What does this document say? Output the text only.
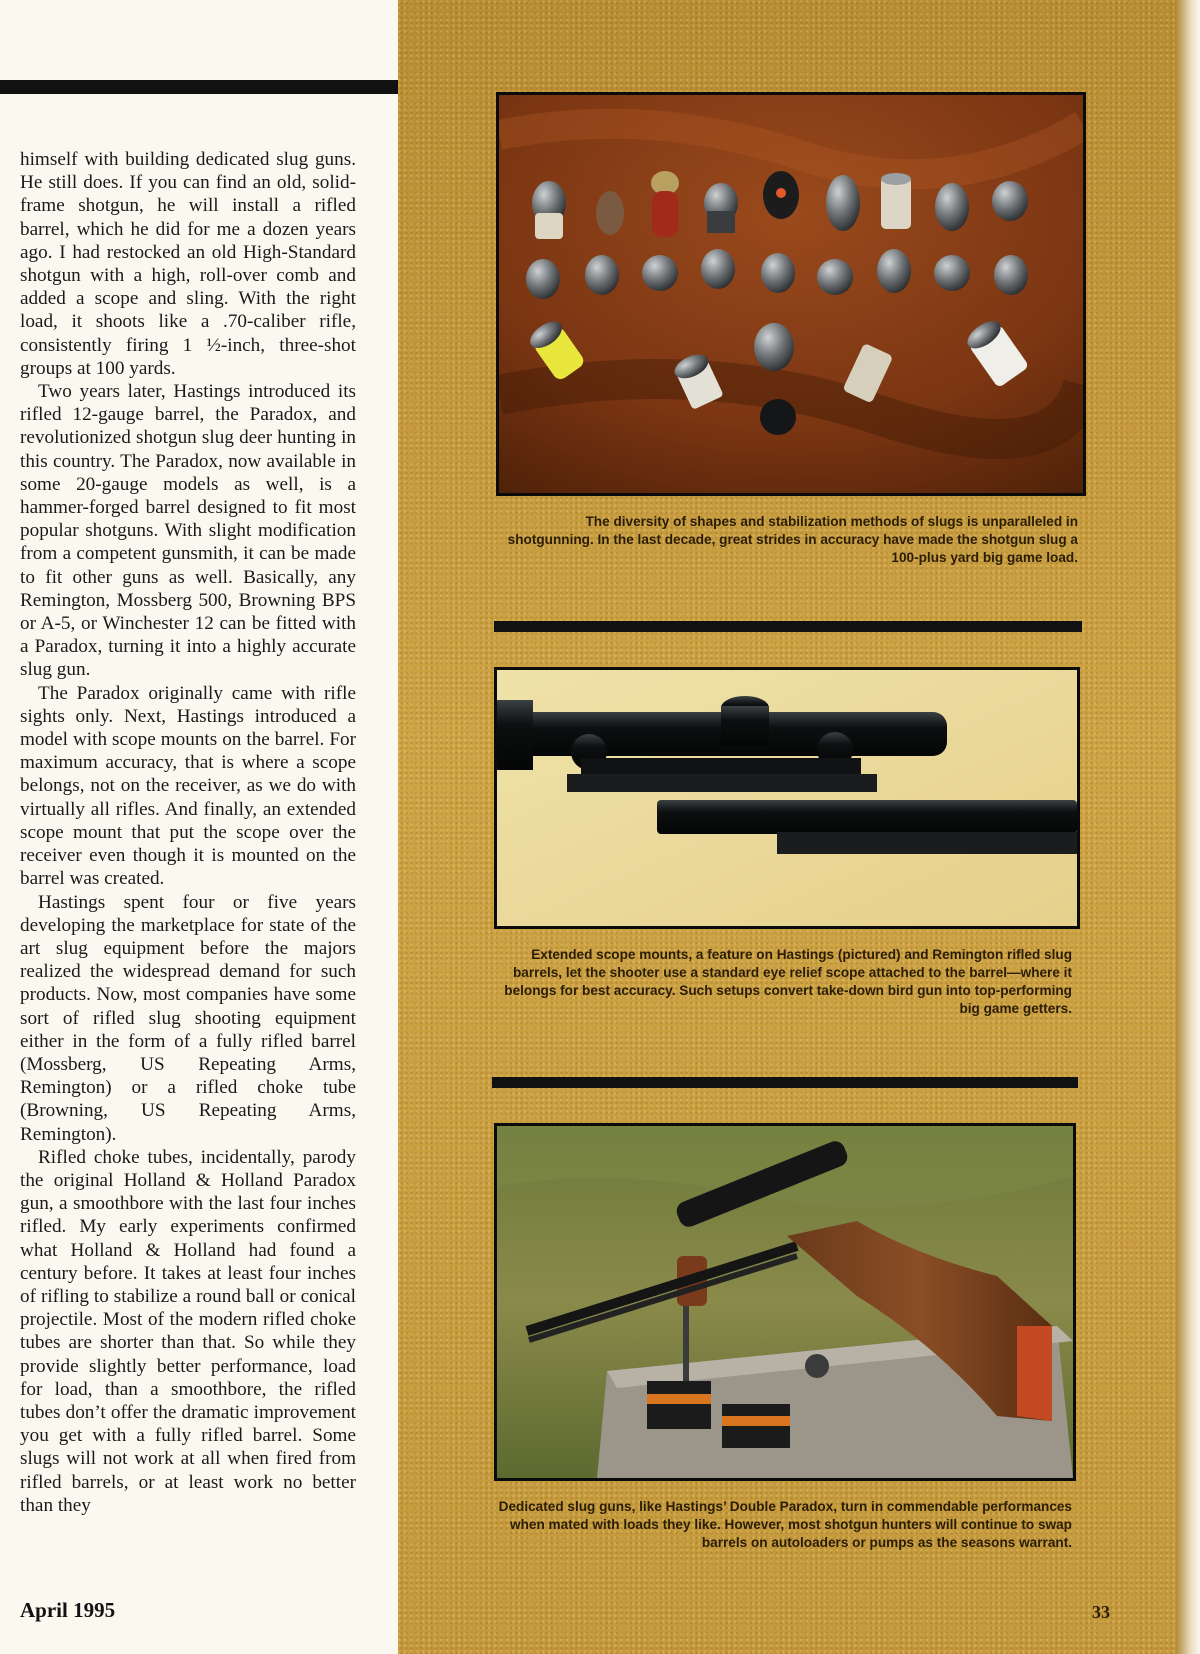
himself with building dedicated slug guns. He still does. If you can find an old, solid-frame shotgun, he will install a rifled barrel, which he did for me a dozen years ago. I had restocked an old High-Standard shotgun with a high, roll-over comb and added a scope and sling. With the right load, it shoots like a .70-caliber rifle, consistently firing 1 ½-inch, three-shot groups at 100 yards.

Two years later, Hastings introduced its rifled 12-gauge barrel, the Paradox, and revolutionized shotgun slug deer hunting in this country. The Paradox, now available in some 20-gauge models as well, is a hammer-forged barrel designed to fit most popular shotguns. With slight modification from a competent gunsmith, it can be made to fit other guns as well. Basically, any Remington, Mossberg 500, Browning BPS or A-5, or Winchester 12 can be fitted with a Paradox, turning it into a highly accurate slug gun.

The Paradox originally came with rifle sights only. Next, Hastings introduced a model with scope mounts on the barrel. For maximum accuracy, that is where a scope belongs, not on the receiver, as we do with virtually all rifles. And finally, an extended scope mount that put the scope over the receiver even though it is mounted on the barrel was created.

Hastings spent four or five years developing the marketplace for state of the art slug equipment before the majors realized the widespread demand for such products. Now, most companies have some sort of rifled slug shooting equipment either in the form of a fully rifled barrel (Mossberg, US Repeating Arms, Remington) or a rifled choke tube (Browning, US Repeating Arms, Remington).

Rifled choke tubes, incidentally, parody the original Holland & Holland Paradox gun, a smoothbore with the last four inches rifled. My early experiments confirmed what Holland & Holland had found a century before. It takes at least four inches of rifling to stabilize a round ball or conical projectile. Most of the modern rifled choke tubes are shorter than that. So while they provide slightly better performance, load for load, than a smoothbore, the rifled tubes don’t offer the dramatic improvement you get with a fully rifled barrel. Some slugs will not work at all when fired from rifled barrels, or at least work no better than they

April 1995
The diversity of shapes and stabilization methods of slugs is unparalleled in shotgunning. In the last decade, great strides in accuracy have made the shotgun slug a 100-plus yard big game load.
Extended scope mounts, a feature on Hastings (pictured) and Remington rifled slug barrels, let the shooter use a standard eye relief scope attached to the barrel—where it belongs for best accuracy. Such setups convert take-down bird gun into top-performing big game getters.
Dedicated slug guns, like Hastings’ Double Paradox, turn in commendable performances when mated with loads they like. However, most shotgun hunters will continue to swap barrels on autoloaders or pumps as the seasons warrant.
33
